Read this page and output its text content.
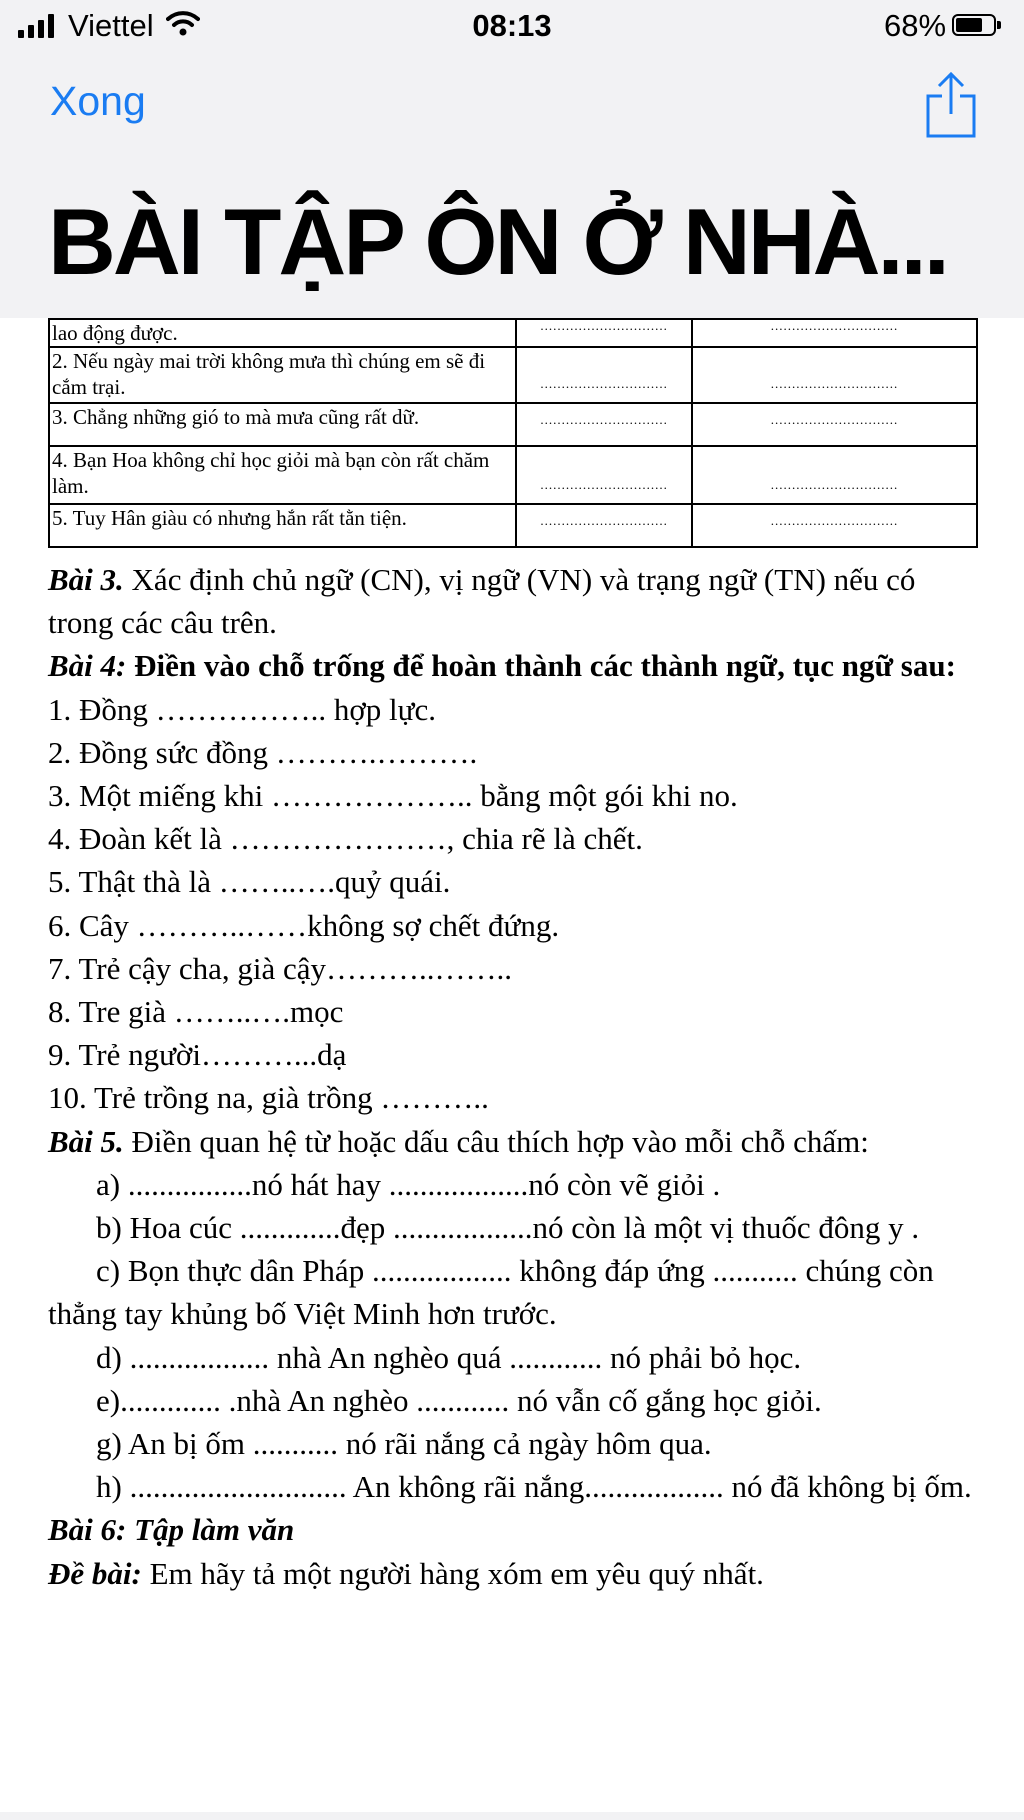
Viettel	08:13	68%
Xong
BÀI TẬP ÔN Ở NHÀ...
lao động được.	..............................	..............................

2. Nếu ngày mai trời không mưa thì chúng em sẽ đi cắm trại.	..............................	..............................

3. Chẳng những gió to mà mưa cũng rất dữ.	..............................	..............................

4. Bạn Hoa không chỉ học giỏi mà bạn còn rất chăm làm.	..............................	..............................

5. Tuy Hân giàu có nhưng hắn rất tằn tiện.	..............................	..............................

Bài 3. Xác định chủ ngữ (CN), vị ngữ (VN) và trạng ngữ (TN) nếu có trong các câu trên.

Bài 4: Điền vào chỗ trống để hoàn thành các thành ngữ, tục ngữ sau:

1. Đồng …………….. hợp lực.

2. Đồng sức đồng ……….……….

3. Một miếng khi ……………….. bằng một gói khi no.

4. Đoàn kết là …………………, chia rẽ là chết.

5. Thật thà là ……..….quỷ quái.

6. Cây ………..……không sợ chết đứng.

7. Trẻ cậy cha, già cậy………..……..

8. Tre già ……..….mọc

9. Trẻ người………...dạ

10. Trẻ trồng na, già trồng ………..

Bài 5. Điền quan hệ từ hoặc dấu câu thích hợp vào mỗi chỗ chấm:

a) ................nó hát hay ..................nó còn vẽ giỏi .

b) Hoa cúc .............đẹp ..................nó còn là một vị thuốc đông y .

c) Bọn thực dân Pháp .................. không đáp ứng ........... chúng còn thẳng tay khủng bố Việt Minh hơn trước.

d) .................. nhà An nghèo quá ............ nó phải bỏ học.

e)............. .nhà An nghèo ............ nó vẫn cố gắng học giỏi.

g) An bị ốm ........... nó rãi nắng cả ngày hôm qua.

h) ............................ An không rãi nắng.................. nó đã không bị ốm.

Bài 6: Tập làm văn

Đề bài: Em hãy tả một người hàng xóm em yêu quý nhất.
